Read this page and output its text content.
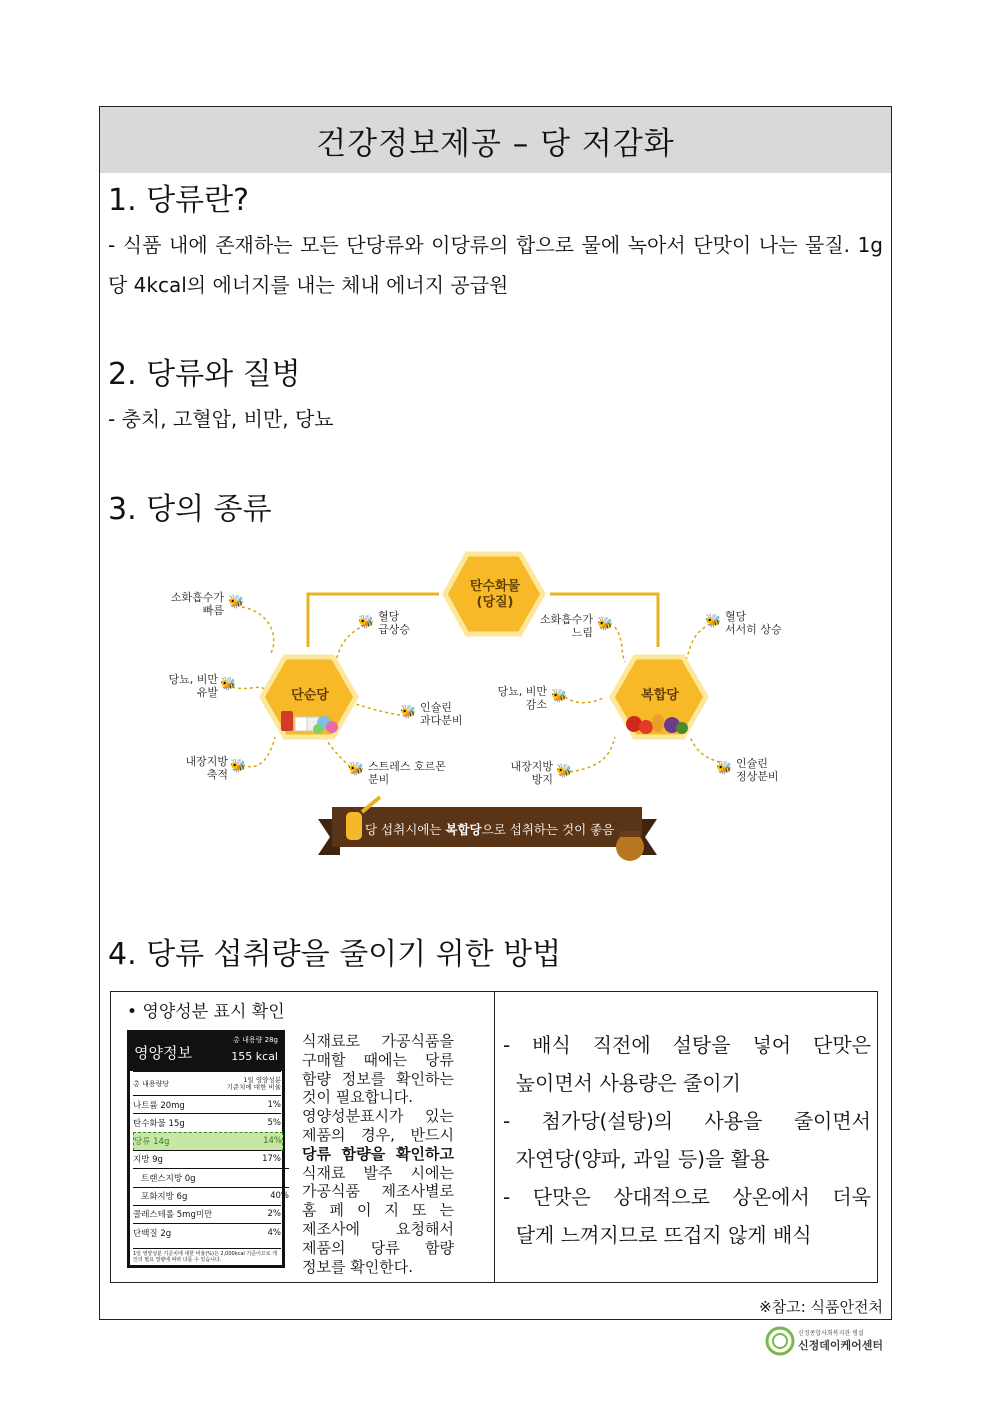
건강정보제공 – 당 저감화
1. 당류란?
- 식품 내에 존재하는 모든 단당류와 이당류의 합으로 물에 녹아서 단맛이 나는 물질. 1g당 4kcal의 에너지를 내는 체내 에너지 공급원
2. 당류와 질병
- 충치, 고혈압, 비만, 당뇨
3. 당의 종류
탄수화물
(당질)
단순당	복합당
소화흡수가
빠름
🐝
혈당
급상승
🐝
당뇨, 비만
유발
🐝
인슐린
과다분비
🐝
내장지방
축적
🐝	스트레스 호르몬
분비
🐝
소화흡수가
느림
🐝
혈당
서서히 상승
🐝
당뇨, 비만
감소
🐝
내장지방
방지
🐝
인슐린
정상분비
🐝
당 섭취시에는 복합당으로 섭취하는 것이 좋음
4. 당류 섭취량을 줄이기 위한 방법
• 영양성분 표시 확인
영양정보
총 내용량 28g
155 kcal
총 내용량당	1일 영양성분
기준치에 대한 비율
나트륨 20mg	1%
탄수화물 15g	5%
당류 14g	14%
지방 9g	17%
트랜스지방 0g
포화지방 6g	40%
콜레스테롤 5mg미만	2%
단백질 2g	4%
1일 영양성분 기준치에 대한 비율(%)은 2,000kcal 기준이므로 개인의 필요 열량에 따라 다를 수 있습니다.
식재료로 가공식품을
구매할 때에는 당류
함량 정보를 확인하는
것이 필요합니다.
영양성분표시가 있는
제품의 경우, 반드시
당류 함량을 확인하고
식재료 발주 시에는
가공식품 제조사별로
홈 페 이 지 또 는
제조사에 요청해서
제품의 당류 함량
정보를 확인한다.
- 배식 직전에 설탕을 넣어 단맛은
높이면서 사용량은 줄이기
- 첨가당(설탕)의 사용을 줄이면서
자연당(양파, 과일 등)을 활용
- 단맛은 상대적으로 상온에서 더욱
달게 느껴지므로 뜨겁지 않게 배식
※참고: 식품안전처
신정종합사회복지관 병설
신정데이케어센터
